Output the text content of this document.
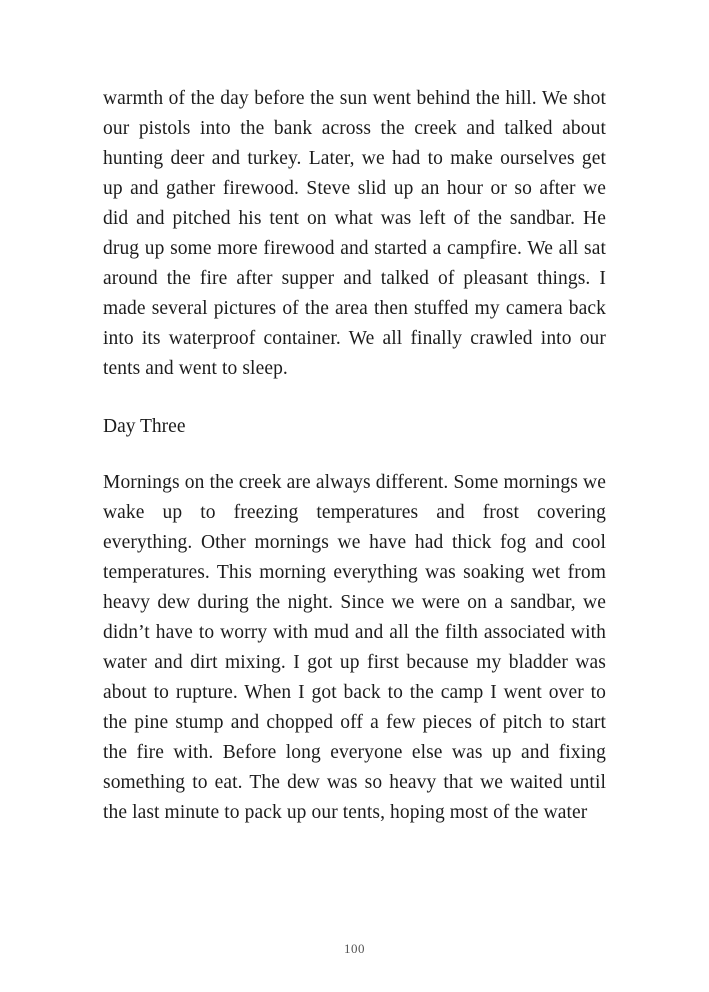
warmth of the day before the sun went behind the hill. We shot our pistols into the bank across the creek and talked about hunting deer and turkey. Later, we had to make ourselves get up and gather firewood. Steve slid up an hour or so after we did and pitched his tent on what was left of the sandbar. He drug up some more firewood and started a campfire. We all sat around the fire after supper and talked of pleasant things. I made several pictures of the area then stuffed my camera back into its waterproof container. We all finally crawled into our tents and went to sleep.

Day Three

Mornings on the creek are always different. Some mornings we wake up to freezing temperatures and frost covering everything. Other mornings we have had thick fog and cool temperatures. This morning everything was soaking wet from heavy dew during the night. Since we were on a sandbar, we didn’t have to worry with mud and all the filth associated with water and dirt mixing. I got up first because my bladder was about to rupture. When I got back to the camp I went over to the pine stump and chopped off a few pieces of pitch to start the fire with. Before long everyone else was up and fixing something to eat. The dew was so heavy that we waited until the last minute to pack up our tents, hoping most of the water

100
